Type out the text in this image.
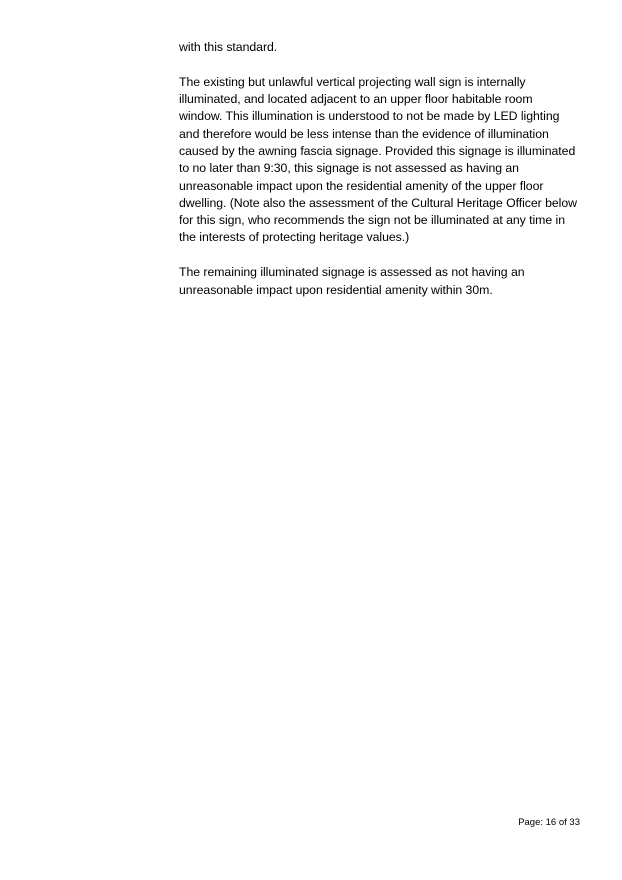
with this standard.

The existing but unlawful vertical projecting wall sign is internally
illuminated, and located adjacent to an upper floor habitable room
window. This illumination is understood to not be made by LED lighting
and therefore would be less intense than the evidence of illumination
caused by the awning fascia signage. Provided this signage is illuminated
to no later than 9:30, this signage is not assessed as having an
unreasonable impact upon the residential amenity of the upper floor
dwelling. (Note also the assessment of the Cultural Heritage Officer below
for this sign, who recommends the sign not be illuminated at any time in
the interests of protecting heritage values.)

The remaining illuminated signage is assessed as not having an
unreasonable impact upon residential amenity within 30m.

Page: 16 of 33
